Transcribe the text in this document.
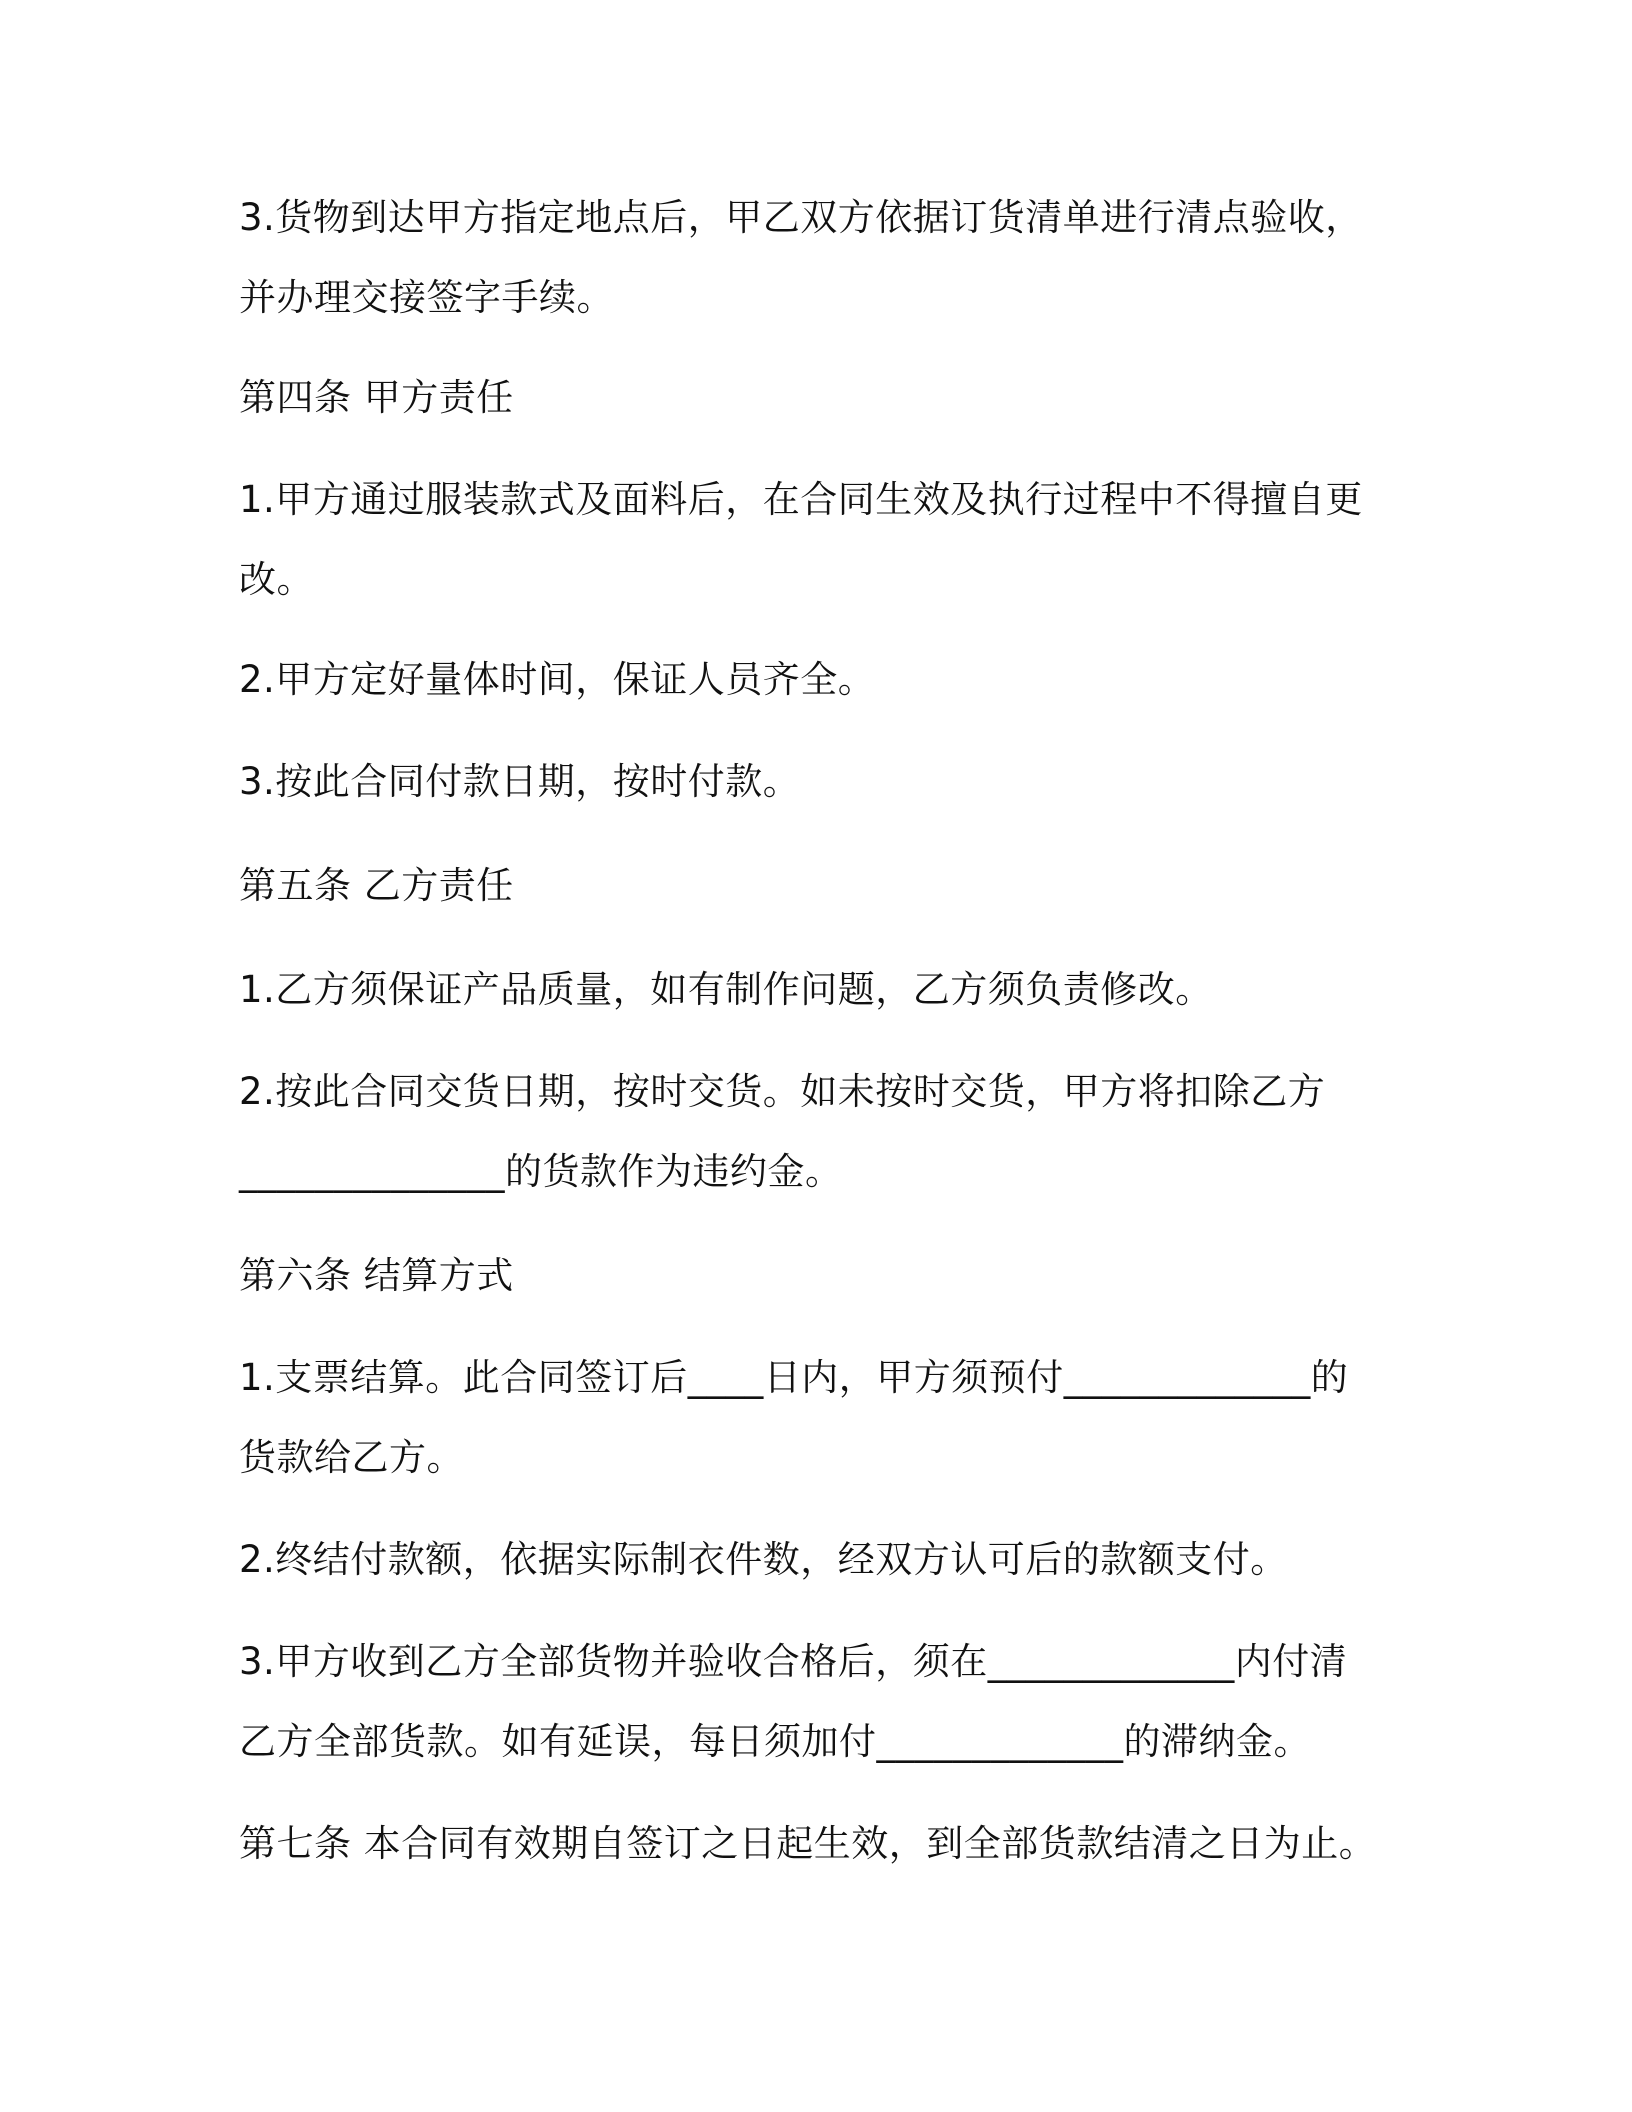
3.货物到达甲方指定地点后，甲乙双方依据订货清单进行清点验收，
并办理交接签字手续。

第四条 甲方责任

1.甲方通过服装款式及面料后，在合同生效及执行过程中不得擅自更
改。

2.甲方定好量体时间，保证人员齐全。

3.按此合同付款日期，按时付款。

第五条 乙方责任

1.乙方须保证产品质量，如有制作问题，乙方须负责修改。

2.按此合同交货日期，按时交货。如未按时交货，甲方将扣除乙方
______________的货款作为违约金。

第六条 结算方式

1.支票结算。此合同签订后____日内，甲方须预付_____________的
货款给乙方。

2.终结付款额，依据实际制衣件数，经双方认可后的款额支付。

3.甲方收到乙方全部货物并验收合格后，须在_____________内付清
乙方全部货款。如有延误，每日须加付_____________的滞纳金。

第七条 本合同有效期自签订之日起生效，到全部货款结清之日为止。
